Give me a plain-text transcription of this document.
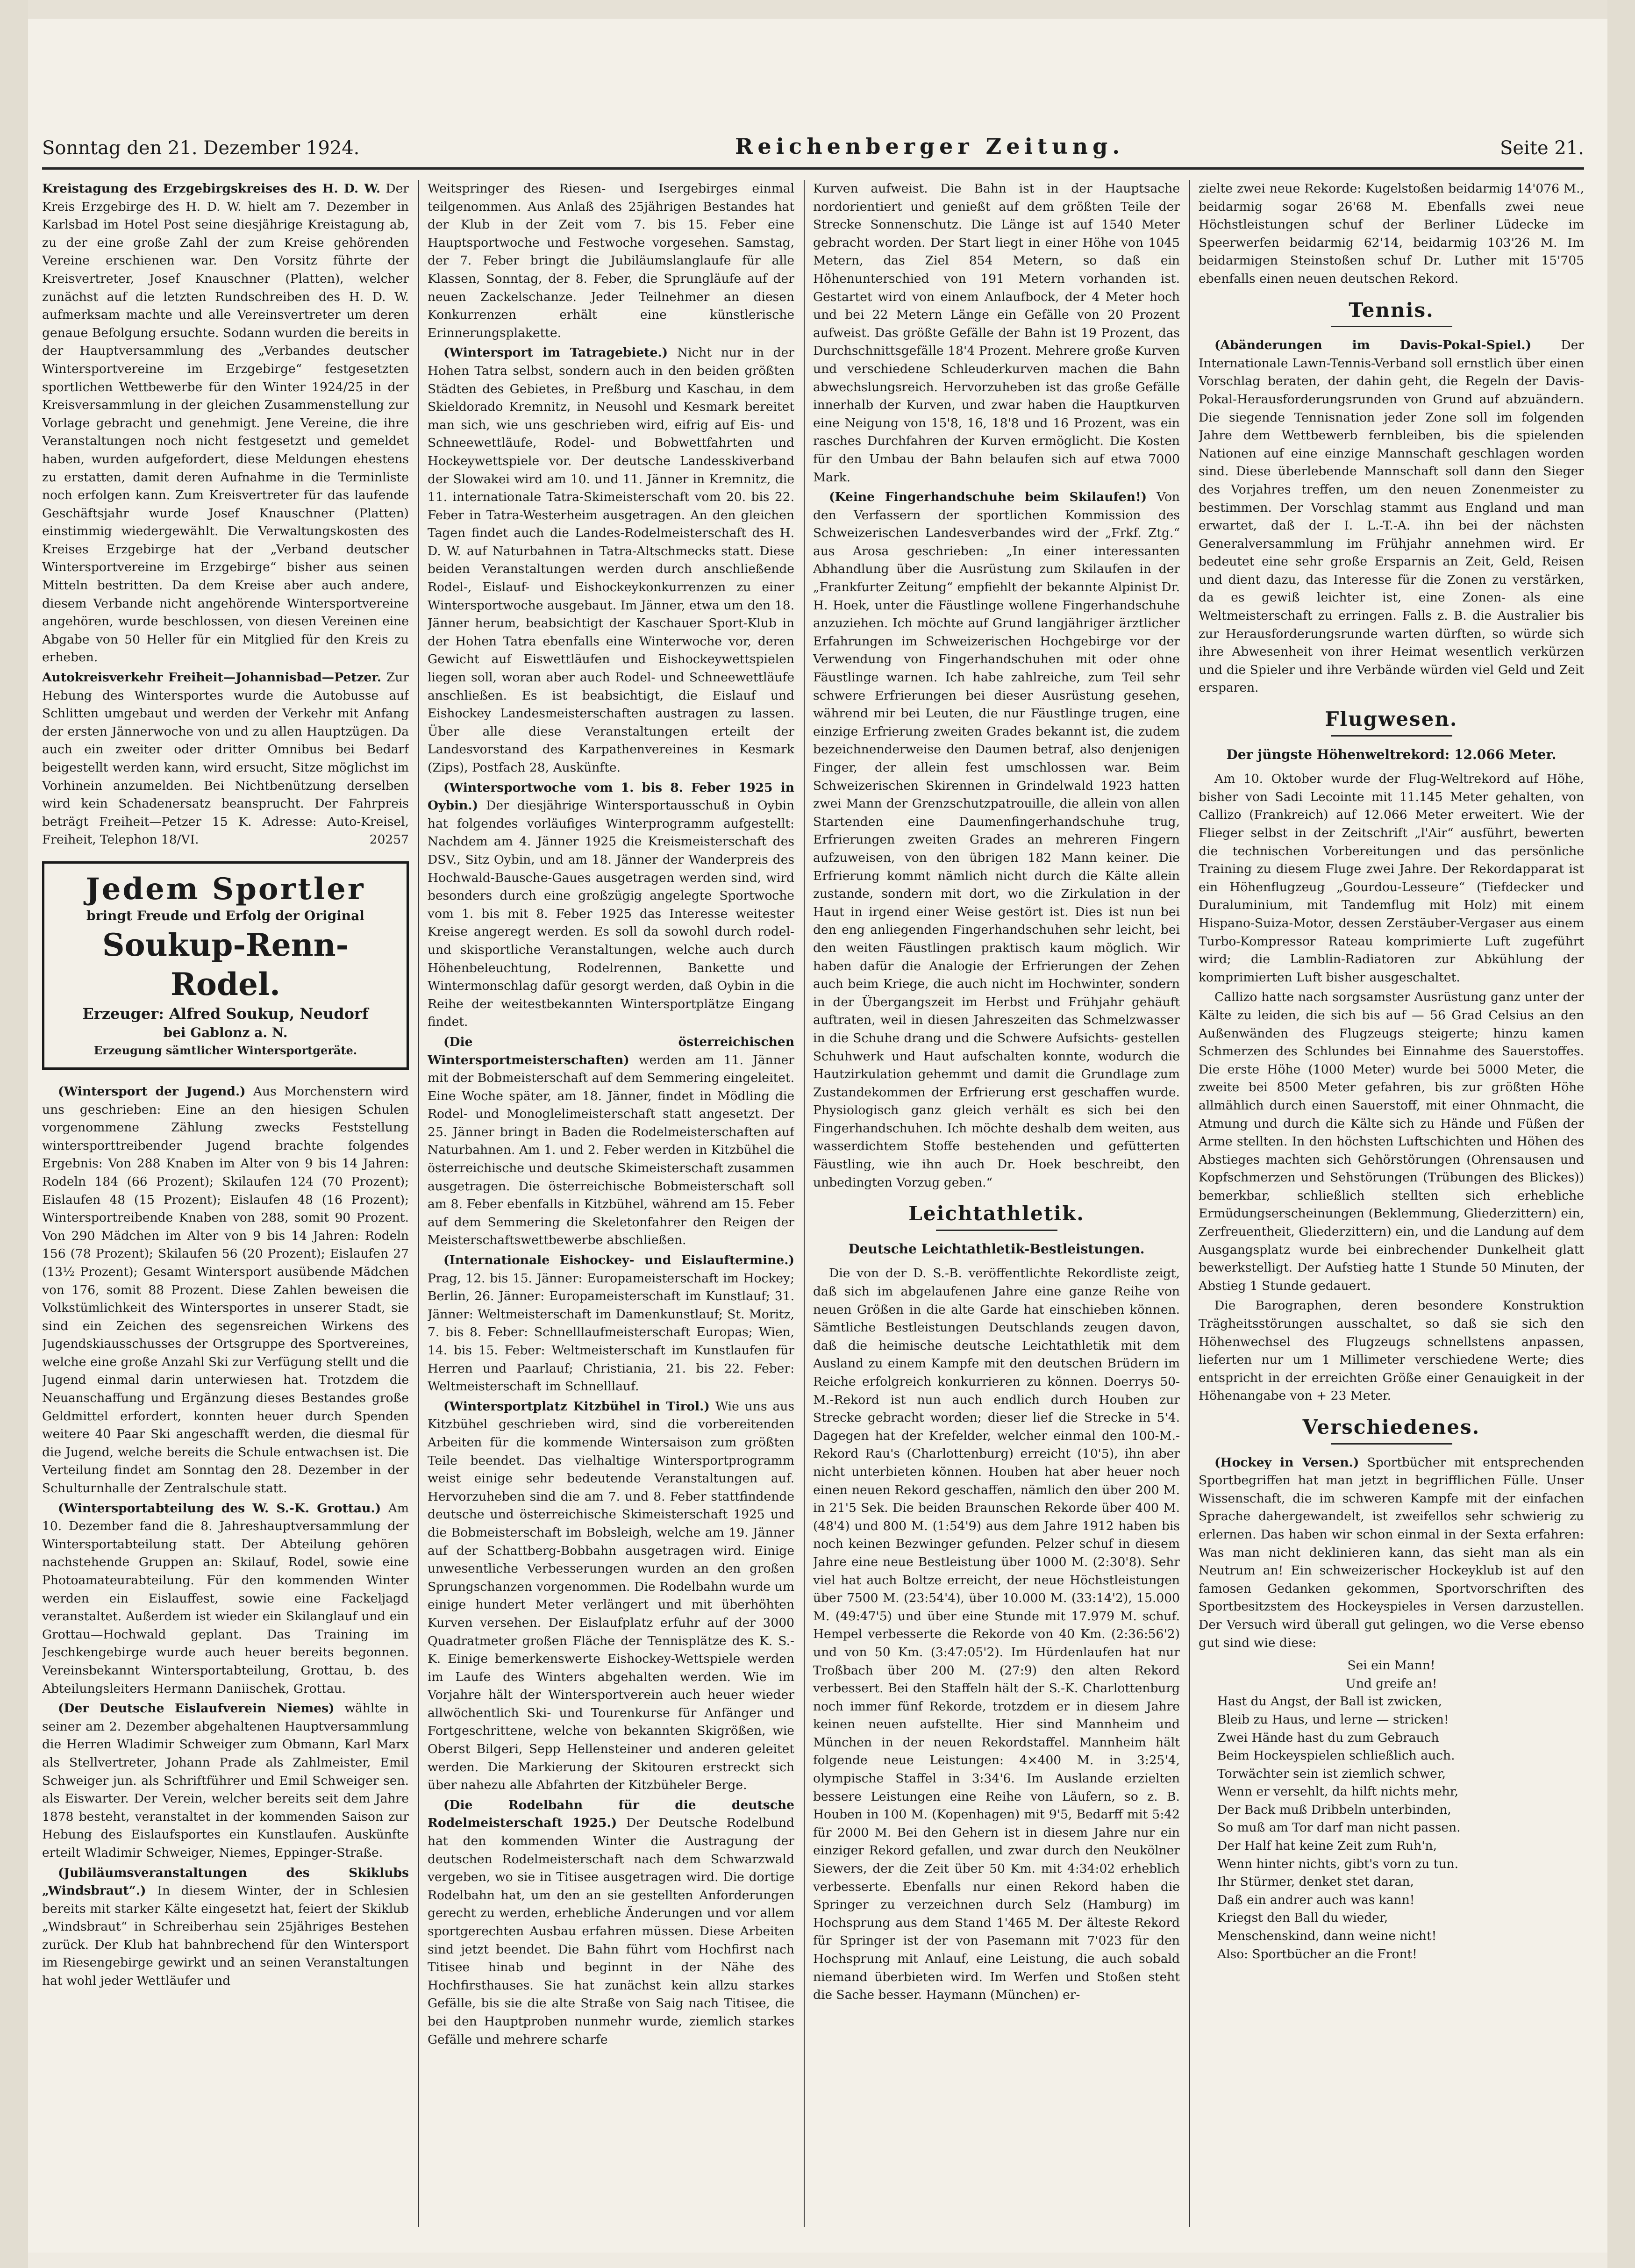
Sonntag den 21. Dezember 1924.	Reichenberger Zeitung.	Seite 21.

Kreistagung des Erzgebirgskreises des H. D. W. Der Kreis Erzgebirge des H. D. W. hielt am 7. Dezember in Karlsbad im Hotel Post seine diesjährige Kreistagung ab, zu der eine große Zahl der zum Kreise gehörenden Vereine erschienen war. Den Vorsitz führte der Kreisvertreter, Josef Knauschner (Platten), welcher zunächst auf die letzten Rundschreiben des H. D. W. aufmerksam machte und alle Vereinsvertreter um deren genaue Befolgung ersuchte. Sodann wurden die bereits in der Hauptversammlung des „Verbandes deutscher Wintersportvereine im Erzgebirge“ festgesetzten sportlichen Wettbewerbe für den Winter 1924/25 in der Kreisversammlung in der gleichen Zusammenstellung zur Vorlage gebracht und genehmigt. Jene Vereine, die ihre Veranstaltungen noch nicht festgesetzt und gemeldet haben, wurden aufgefordert, diese Meldungen ehestens zu erstatten, damit deren Aufnahme in die Terminliste noch erfolgen kann. Zum Kreisvertreter für das laufende Geschäftsjahr wurde Josef Knauschner (Platten) einstimmig wiedergewählt. Die Verwaltungskosten des Kreises Erzgebirge hat der „Verband deutscher Wintersportvereine im Erzgebirge“ bisher aus seinen Mitteln bestritten. Da dem Kreise aber auch andere, diesem Verbande nicht angehörende Wintersportvereine angehören, wurde beschlossen, von diesen Vereinen eine Abgabe von 50 Heller für ein Mitglied für den Kreis zu erheben.

Autokreisverkehr Freiheit—Johannisbad—Petzer. Zur Hebung des Wintersportes wurde die Autobusse auf Schlitten umgebaut und werden der Verkehr mit Anfang der ersten Jännerwoche von und zu allen Hauptzügen. Da auch ein zweiter oder dritter Omnibus bei Bedarf beigestellt werden kann, wird ersucht, Sitze möglichst im Vorhinein anzumelden. Bei Nichtbenützung derselben wird kein Schadenersatz beansprucht. Der Fahrpreis beträgt Freiheit—Petzer 15 K. Adresse: Auto-Kreisel, Freiheit, Telephon 18/VI.	20257

Jedem Sportler
bringt Freude und Erfolg der Original
Soukup-Renn-Rodel.
Erzeuger: Alfred Soukup, Neudorf
bei Gablonz a. N.
Erzeugung sämtlicher Wintersportgeräte.

(Wintersport der Jugend.) Aus Morchenstern wird uns geschrieben: Eine an den hiesigen Schulen vorgenommene Zählung zwecks Feststellung wintersporttreibender Jugend brachte folgendes Ergebnis: Von 288 Knaben im Alter von 9 bis 14 Jahren: Rodeln 184 (66 Prozent); Skilaufen 124 (70 Prozent); Eislaufen 48 (15 Prozent); Eislaufen 48 (16 Prozent); Wintersportreibende Knaben von 288, somit 90 Prozent. Von 290 Mädchen im Alter von 9 bis 14 Jahren: Rodeln 156 (78 Prozent); Skilaufen 56 (20 Prozent); Eislaufen 27 (13½ Prozent); Gesamt Wintersport ausübende Mädchen von 176, somit 88 Prozent. Diese Zahlen beweisen die Volkstümlichkeit des Wintersportes in unserer Stadt, sie sind ein Zeichen des segensreichen Wirkens des Jugendskiausschusses der Ortsgruppe des Sportvereines, welche eine große Anzahl Ski zur Verfügung stellt und die Jugend einmal darin unterwiesen hat. Trotzdem die Neuanschaffung und Ergänzung dieses Bestandes große Geldmittel erfordert, konnten heuer durch Spenden weitere 40 Paar Ski angeschafft werden, die diesmal für die Jugend, welche bereits die Schule entwachsen ist. Die Verteilung findet am Sonntag den 28. Dezember in der Schulturnhalle der Zentralschule statt.

(Wintersportabteilung des W. S.-K. Grottau.) Am 10. Dezember fand die 8. Jahreshauptversammlung der Wintersportabteilung statt. Der Abteilung gehören nachstehende Gruppen an: Skilauf, Rodel, sowie eine Photoamateurabteilung. Für den kommenden Winter werden ein Eislauffest, sowie eine Fackeljagd veranstaltet. Außerdem ist wieder ein Skilanglauf und ein Grottau—Hochwald geplant. Das Training im Jeschkengebirge wurde auch heuer bereits begonnen. Vereinsbekannt Wintersportabteilung, Grottau, b. des Abteilungsleiters Hermann Daniischek, Grottau.

(Der Deutsche Eislaufverein Niemes) wählte in seiner am 2. Dezember abgehaltenen Hauptversammlung die Herren Wladimir Schweiger zum Obmann, Karl Marx als Stellvertreter, Johann Prade als Zahlmeister, Emil Schweiger jun. als Schriftführer und Emil Schweiger sen. als Eiswarter. Der Verein, welcher bereits seit dem Jahre 1878 besteht, veranstaltet in der kommenden Saison zur Hebung des Eislaufsportes ein Kunstlaufen. Auskünfte erteilt Wladimir Schweiger, Niemes, Eppinger-Straße.

(Jubiläumsveranstaltungen des Skiklubs „Windsbraut“.) In diesem Winter, der in Schlesien bereits mit starker Kälte eingesetzt hat, feiert der Skiklub „Windsbraut“ in Schreiberhau sein 25jähriges Bestehen zurück. Der Klub hat bahnbrechend für den Wintersport im Riesengebirge gewirkt und an seinen Veranstaltungen hat wohl jeder Wettläufer und

Weitspringer des Riesen- und Isergebirges einmal teilgenommen. Aus Anlaß des 25jährigen Bestandes hat der Klub in der Zeit vom 7. bis 15. Feber eine Hauptsportwoche und Festwoche vorgesehen. Samstag, der 7. Feber bringt die Jubiläumslanglaufe für alle Klassen, Sonntag, der 8. Feber, die Sprungläufe auf der neuen Zackelschanze. Jeder Teilnehmer an diesen Konkurrenzen erhält eine künstlerische Erinnerungsplakette.

(Wintersport im Tatragebiete.) Nicht nur in der Hohen Tatra selbst, sondern auch in den beiden größten Städten des Gebietes, in Preßburg und Kaschau, in dem Skieldorado Kremnitz, in Neusohl und Kesmark bereitet man sich, wie uns geschrieben wird, eifrig auf Eis- und Schneewettläufe, Rodel- und Bobwettfahrten und Hockeywettspiele vor. Der deutsche Landesskiverband der Slowakei wird am 10. und 11. Jänner in Kremnitz, die 11. internationale Tatra-Skimeisterschaft vom 20. bis 22. Feber in Tatra-Westerheim ausgetragen. An den gleichen Tagen findet auch die Landes-Rodelmeisterschaft des H. D. W. auf Naturbahnen in Tatra-Altschmecks statt. Diese beiden Veranstaltungen werden durch anschließende Rodel-, Eislauf- und Eishockeykonkurrenzen zu einer Wintersportwoche ausgebaut. Im Jänner, etwa um den 18. Jänner herum, beabsichtigt der Kaschauer Sport-Klub in der Hohen Tatra ebenfalls eine Winterwoche vor, deren Gewicht auf Eiswettläufen und Eishockeywettspielen liegen soll, woran aber auch Rodel- und Schneewettläufe anschließen. Es ist beabsichtigt, die Eislauf und Eishockey Landesmeisterschaften austragen zu lassen. Über alle diese Veranstaltungen erteilt der Landesvorstand des Karpathenvereines in Kesmark (Zips), Postfach 28, Auskünfte.

(Wintersportwoche vom 1. bis 8. Feber 1925 in Oybin.) Der diesjährige Wintersportausschuß in Oybin hat folgendes vorläufiges Winterprogramm aufgestellt: Nachdem am 4. Jänner 1925 die Kreismeisterschaft des DSV., Sitz Oybin, und am 18. Jänner der Wanderpreis des Hochwald-Bausche-Gaues ausgetragen werden sind, wird besonders durch eine großzügig angelegte Sportwoche vom 1. bis mit 8. Feber 1925 das Interesse weitester Kreise angeregt werden. Es soll da sowohl durch rodel- und skisportliche Veranstaltungen, welche auch durch Höhenbeleuchtung, Rodelrennen, Bankette und Wintermonschlag dafür gesorgt werden, daß Oybin in die Reihe der weitestbekannten Wintersportplätze Eingang findet.

(Die österreichischen Wintersportmeisterschaften) werden am 11. Jänner mit der Bobmeisterschaft auf dem Semmering eingeleitet. Eine Woche später, am 18. Jänner, findet in Mödling die Rodel- und Monoglelimeisterschaft statt angesetzt. Der 25. Jänner bringt in Baden die Rodelmeisterschaften auf Naturbahnen. Am 1. und 2. Feber werden in Kitzbühel die österreichische und deutsche Skimeisterschaft zusammen ausgetragen. Die österreichische Bobmeisterschaft soll am 8. Feber ebenfalls in Kitzbühel, während am 15. Feber auf dem Semmering die Skeletonfahrer den Reigen der Meisterschaftswettbewerbe abschließen.

(Internationale Eishockey- und Eislauftermine.) Prag, 12. bis 15. Jänner: Europameisterschaft im Hockey; Berlin, 26. Jänner: Europameisterschaft im Kunstlauf; 31. Jänner: Weltmeisterschaft im Damenkunstlauf; St. Moritz, 7. bis 8. Feber: Schnelllaufmeisterschaft Europas; Wien, 14. bis 15. Feber: Weltmeisterschaft im Kunstlaufen für Herren und Paarlauf; Christiania, 21. bis 22. Feber: Weltmeisterschaft im Schnelllauf.

(Wintersportplatz Kitzbühel in Tirol.) Wie uns aus Kitzbühel geschrieben wird, sind die vorbereitenden Arbeiten für die kommende Wintersaison zum größten Teile beendet. Das vielhaltige Wintersportprogramm weist einige sehr bedeutende Veranstaltungen auf. Hervorzuheben sind die am 7. und 8. Feber stattfindende deutsche und österreichische Skimeisterschaft 1925 und die Bobmeisterschaft im Bobsleigh, welche am 19. Jänner auf der Schattberg-Bobbahn ausgetragen wird. Einige unwesentliche Verbesserungen wurden an den großen Sprungschanzen vorgenommen. Die Rodelbahn wurde um einige hundert Meter verlängert und mit überhöhten Kurven versehen. Der Eislaufplatz erfuhr auf der 3000 Quadratmeter großen Fläche der Tennisplätze des K. S.-K. Einige bemerkenswerte Eishockey-Wettspiele werden im Laufe des Winters abgehalten werden. Wie im Vorjahre hält der Wintersportverein auch heuer wieder allwöchentlich Ski- und Tourenkurse für Anfänger und Fortgeschrittene, welche von bekannten Skigrößen, wie Oberst Bilgeri, Sepp Hellensteiner und anderen geleitet werden. Die Markierung der Skitouren erstreckt sich über nahezu alle Abfahrten der Kitzbüheler Berge.

(Die Rodelbahn für die deutsche Rodelmeisterschaft 1925.) Der Deutsche Rodelbund hat den kommenden Winter die Austragung der deutschen Rodelmeisterschaft nach dem Schwarzwald vergeben, wo sie in Titisee ausgetragen wird. Die dortige Rodelbahn hat, um den an sie gestellten Anforderungen gerecht zu werden, erhebliche Änderungen und vor allem sportgerechten Ausbau erfahren müssen. Diese Arbeiten sind jetzt beendet. Die Bahn führt vom Hochfirst nach Titisee hinab und beginnt in der Nähe des Hochfirsthauses. Sie hat zunächst kein allzu starkes Gefälle, bis sie die alte Straße von Saig nach Titisee, die bei den Hauptproben nunmehr wurde, ziemlich starkes Gefälle und mehrere scharfe

Kurven aufweist. Die Bahn ist in der Hauptsache nordorientiert und genießt auf dem größten Teile der Strecke Sonnenschutz. Die Länge ist auf 1540 Meter gebracht worden. Der Start liegt in einer Höhe von 1045 Metern, das Ziel 854 Metern, so daß ein Höhenunterschied von 191 Metern vorhanden ist. Gestartet wird von einem Anlaufbock, der 4 Meter hoch und bei 22 Metern Länge ein Gefälle von 20 Prozent aufweist. Das größte Gefälle der Bahn ist 19 Prozent, das Durchschnittsgefälle 18'4 Prozent. Mehrere große Kurven und verschiedene Schleuderkurven machen die Bahn abwechslungsreich. Hervorzuheben ist das große Gefälle innerhalb der Kurven, und zwar haben die Hauptkurven eine Neigung von 15'8, 16, 18'8 und 16 Prozent, was ein rasches Durchfahren der Kurven ermöglicht. Die Kosten für den Umbau der Bahn belaufen sich auf etwa 7000 Mark.

(Keine Fingerhandschuhe beim Skilaufen!) Von den Verfassern der sportlichen Kommission des Schweizerischen Landesverbandes wird der „Frkf. Ztg.“ aus Arosa geschrieben: „In einer interessanten Abhandlung über die Ausrüstung zum Skilaufen in der „Frankfurter Zeitung“ empfiehlt der bekannte Alpinist Dr. H. Hoek, unter die Fäustlinge wollene Fingerhandschuhe anzuziehen. Ich möchte auf Grund langjähriger ärztlicher Erfahrungen im Schweizerischen Hochgebirge vor der Verwendung von Fingerhandschuhen mit oder ohne Fäustlinge warnen. Ich habe zahlreiche, zum Teil sehr schwere Erfrierungen bei dieser Ausrüstung gesehen, während mir bei Leuten, die nur Fäustlinge trugen, eine einzige Erfrierung zweiten Grades bekannt ist, die zudem bezeichnenderweise den Daumen betraf, also denjenigen Finger, der allein fest umschlossen war. Beim Schweizerischen Skirennen in Grindelwald 1923 hatten zwei Mann der Grenzschutzpatrouille, die allein von allen Startenden eine Daumenfingerhandschuhe trug, Erfrierungen zweiten Grades an mehreren Fingern aufzuweisen, von den übrigen 182 Mann keiner. Die Erfrierung kommt nämlich nicht durch die Kälte allein zustande, sondern mit dort, wo die Zirkulation in der Haut in irgend einer Weise gestört ist. Dies ist nun bei den eng anliegenden Fingerhandschuhen sehr leicht, bei den weiten Fäustlingen praktisch kaum möglich. Wir haben dafür die Analogie der Erfrierungen der Zehen auch beim Kriege, die auch nicht im Hochwinter, sondern in der Übergangszeit im Herbst und Frühjahr gehäuft auftraten, weil in diesen Jahreszeiten das Schmelzwasser in die Schuhe drang und die Schwere Aufsichts- gestellen Schuhwerk und Haut aufschalten konnte, wodurch die Hautzirkulation gehemmt und damit die Grundlage zum Zustandekommen der Erfrierung erst geschaffen wurde. Physiologisch ganz gleich verhält es sich bei den Fingerhandschuhen. Ich möchte deshalb dem weiten, aus wasserdichtem Stoffe bestehenden und gefütterten Fäustling, wie ihn auch Dr. Hoek beschreibt, den unbedingten Vorzug geben.“

Leichtathletik.
Deutsche Leichtathletik-Bestleistungen.

Die von der D. S.-B. veröffentlichte Rekordliste zeigt, daß sich im abgelaufenen Jahre eine ganze Reihe von neuen Größen in die alte Garde hat einschieben können. Sämtliche Bestleistungen Deutschlands zeugen davon, daß die heimische deutsche Leichtathletik mit dem Ausland zu einem Kampfe mit den deutschen Brüdern im Reiche erfolgreich konkurrieren zu können. Doerrys 50-M.-Rekord ist nun auch endlich durch Houben zur Strecke gebracht worden; dieser lief die Strecke in 5'4. Dagegen hat der Krefelder, welcher einmal den 100-M.-Rekord Rau's (Charlottenburg) erreicht (10'5), ihn aber nicht unterbieten können. Houben hat aber heuer noch einen neuen Rekord geschaffen, nämlich den über 200 M. in 21'5 Sek. Die beiden Braunschen Rekorde über 400 M. (48'4) und 800 M. (1:54'9) aus dem Jahre 1912 haben bis noch keinen Bezwinger gefunden. Pelzer schuf in diesem Jahre eine neue Bestleistung über 1000 M. (2:30'8). Sehr viel hat auch Boltze erreicht, der neue Höchstleistungen über 7500 M. (23:54'4), über 10.000 M. (33:14'2), 15.000 M. (49:47'5) und über eine Stunde mit 17.979 M. schuf. Hempel verbesserte die Rekorde von 40 Km. (2:36:56'2) und von 50 Km. (3:47:05'2). Im Hürdenlaufen hat nur Troßbach über 200 M. (27:9) den alten Rekord verbessert. Bei den Staffeln hält der S.-K. Charlottenburg noch immer fünf Rekorde, trotzdem er in diesem Jahre keinen neuen aufstellte. Hier sind Mannheim und München in der neuen Rekordstaffel. Mannheim hält folgende neue Leistungen: 4×400 M. in 3:25'4, olympische Staffel in 3:34'6. Im Auslande erzielten bessere Leistungen eine Reihe von Läufern, so z. B. Houben in 100 M. (Kopenhagen) mit 9'5, Bedarff mit 5:42 für 2000 M. Bei den Gehern ist in diesem Jahre nur ein einziger Rekord gefallen, und zwar durch den Neukölner Siewers, der die Zeit über 50 Km. mit 4:34:02 erheblich verbesserte. Ebenfalls nur einen Rekord haben die Springer zu verzeichnen durch Selz (Hamburg) im Hochsprung aus dem Stand 1'465 M. Der älteste Rekord für Springer ist der von Pasemann mit 7'023 für den Hochsprung mit Anlauf, eine Leistung, die auch sobald niemand überbieten wird. Im Werfen und Stoßen steht die Sache besser. Haymann (München) er-

zielte zwei neue Rekorde: Kugelstoßen beidarmig 14'076 M., beidarmig sogar 26'68 M. Ebenfalls zwei neue Höchstleistungen schuf der Berliner Lüdecke im Speerwerfen beidarmig 62'14, beidarmig 103'26 M. Im beidarmigen Steinstoßen schuf Dr. Luther mit 15'705 ebenfalls einen neuen deutschen Rekord.

Tennis.

(Abänderungen im Davis-Pokal-Spiel.) Der Internationale Lawn-Tennis-Verband soll ernstlich über einen Vorschlag beraten, der dahin geht, die Regeln der Davis-Pokal-Herausforderungsrunden von Grund auf abzuändern. Die siegende Tennisnation jeder Zone soll im folgenden Jahre dem Wettbewerb fernbleiben, bis die spielenden Nationen auf eine einzige Mannschaft geschlagen worden sind. Diese überlebende Mannschaft soll dann den Sieger des Vorjahres treffen, um den neuen Zonenmeister zu bestimmen. Der Vorschlag stammt aus England und man erwartet, daß der I. L.-T.-A. ihn bei der nächsten Generalversammlung im Frühjahr annehmen wird. Er bedeutet eine sehr große Ersparnis an Zeit, Geld, Reisen und dient dazu, das Interesse für die Zonen zu verstärken, da es gewiß leichter ist, eine Zonen- als eine Weltmeisterschaft zu erringen. Falls z. B. die Australier bis zur Herausforderungsrunde warten dürften, so würde sich ihre Abwesenheit von ihrer Heimat wesentlich verkürzen und die Spieler und ihre Verbände würden viel Geld und Zeit ersparen.

Flugwesen.
Der jüngste Höhenweltrekord: 12.066 Meter.

Am 10. Oktober wurde der Flug-Weltrekord auf Höhe, bisher von Sadi Lecointe mit 11.145 Meter gehalten, von Callizo (Frankreich) auf 12.066 Meter erweitert. Wie der Flieger selbst in der Zeitschrift „l'Air“ ausführt, bewerten die technischen Vorbereitungen und das persönliche Training zu diesem Fluge zwei Jahre. Der Rekordapparat ist ein Höhenflugzeug „Gourdou-Lesseure“ (Tiefdecker und Duraluminium, mit Tandemflug mit Holz) mit einem Hispano-Suiza-Motor, dessen Zerstäuber-Vergaser aus einem Turbo-Kompressor Rateau komprimierte Luft zugeführt wird; die Lamblin-Radiatoren zur Abkühlung der komprimierten Luft bisher ausgeschaltet.

Callizo hatte nach sorgsamster Ausrüstung ganz unter der Kälte zu leiden, die sich bis auf — 56 Grad Celsius an den Außenwänden des Flugzeugs steigerte; hinzu kamen Schmerzen des Schlundes bei Einnahme des Sauerstoffes. Die erste Höhe (1000 Meter) wurde bei 5000 Meter, die zweite bei 8500 Meter gefahren, bis zur größten Höhe allmählich durch einen Sauerstoff, mit einer Ohnmacht, die Atmung und durch die Kälte sich zu Hände und Füßen der Arme stellten. In den höchsten Luftschichten und Höhen des Abstieges machten sich Gehörstörungen (Ohrensausen und Kopfschmerzen und Sehstörungen (Trübungen des Blickes)) bemerkbar, schließlich stellten sich erhebliche Ermüdungserscheinungen (Beklemmung, Gliederzittern) ein, Zerfreuentheit, Gliederzittern) ein, und die Landung auf dem Ausgangsplatz wurde bei einbrechender Dunkelheit glatt bewerkstelligt. Der Aufstieg hatte 1 Stunde 50 Minuten, der Abstieg 1 Stunde gedauert.

Die Barographen, deren besondere Konstruktion Trägheitsstörungen ausschaltet, so daß sie sich den Höhenwechsel des Flugzeugs schnellstens anpassen, lieferten nur um 1 Millimeter verschiedene Werte; dies entspricht in der erreichten Größe einer Genauigkeit in der Höhenangabe von + 23 Meter.

Verschiedenes.

(Hockey in Versen.) Sportbücher mit entsprechenden Sportbegriffen hat man jetzt in begrifflichen Fülle. Unser Wissenschaft, die im schweren Kampfe mit der einfachen Sprache dahergewandelt, ist zweifellos sehr schwierig zu erlernen. Das haben wir schon einmal in der Sexta erfahren: Was man nicht deklinieren kann, das sieht man als ein Neutrum an! Ein schweizerischer Hockeyklub ist auf den famosen Gedanken gekommen, Sportvorschriften des Sportbesitzstem des Hockeyspieles in Versen darzustellen. Der Versuch wird überall gut gelingen, wo die Verse ebenso gut sind wie diese:

Sei ein Mann!
Und greife an!
Hast du Angst, der Ball ist zwicken,
Bleib zu Haus, und lerne — stricken!
Zwei Hände hast du zum Gebrauch
Beim Hockeyspielen schließlich auch.
Torwächter sein ist ziemlich schwer,
Wenn er versehlt, da hilft nichts mehr,
Der Back muß Dribbeln unterbinden,
So muß am Tor darf man nicht passen.
Der Half hat keine Zeit zum Ruh'n,
Wenn hinter nichts, gibt's vorn zu tun.
Ihr Stürmer, denket stet daran,
Daß ein andrer auch was kann!
Kriegst den Ball du wieder,
Menschenskind, dann weine nicht!
Also: Sportbücher an die Front!
